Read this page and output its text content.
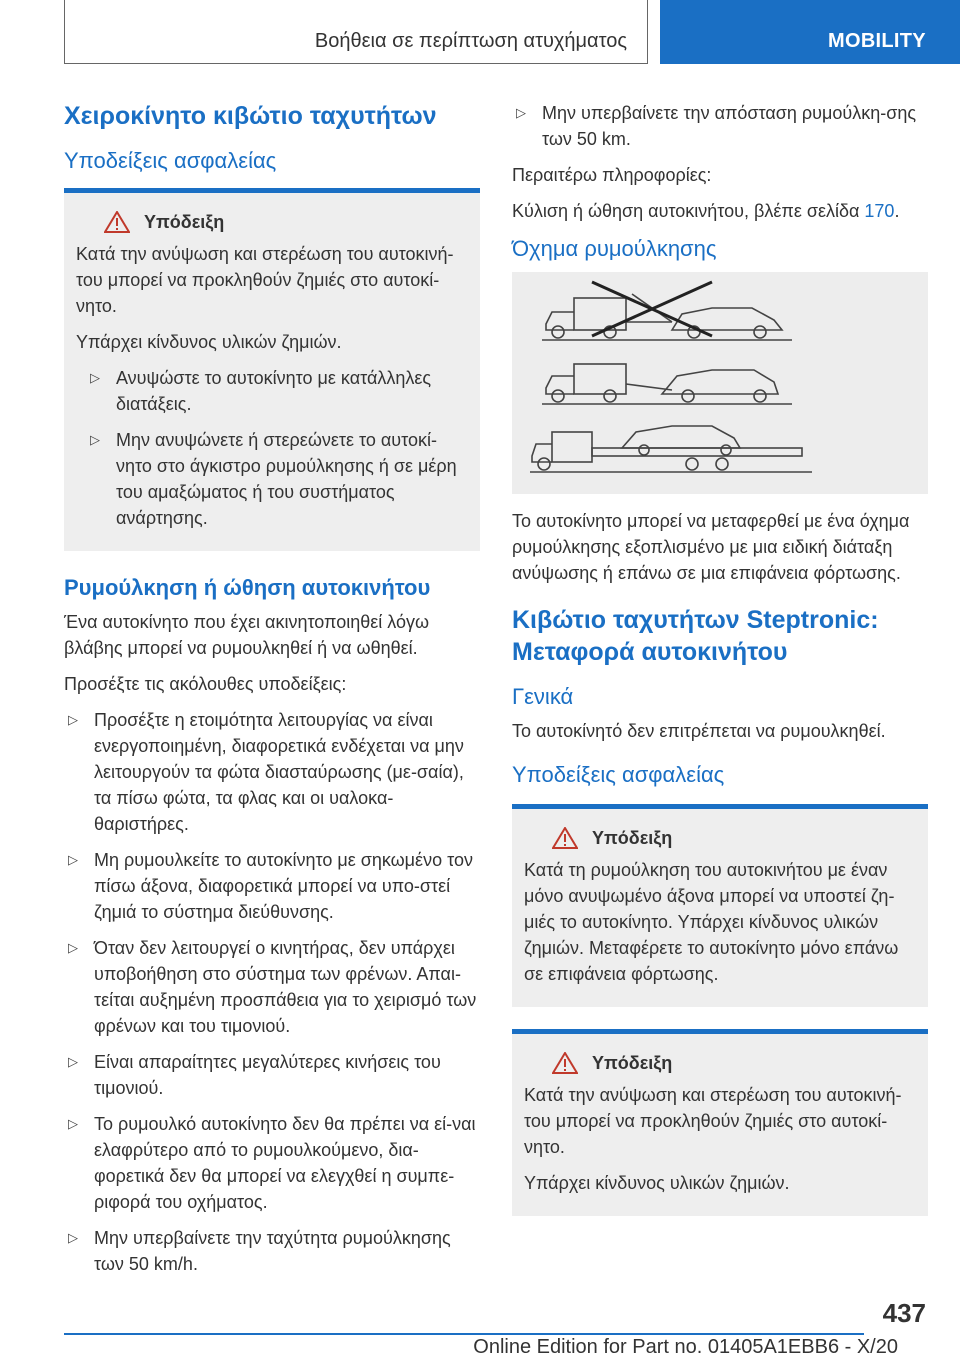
Βοήθεια σε περίπτωση ατυχήματος	MOBILITY
Χειροκίνητο κιβώτιο ταχυτήτων
Υποδείξεις ασφαλείας
Υπόδειξη

Κατά την ανύψωση και στερέωση του αυτοκινή-του μπορεί να προκληθούν ζημιές στο αυτοκί-νητο.

Υπάρχει κίνδυνος υλικών ζημιών.

▷ Ανυψώστε το αυτοκίνητο με κατάλληλες διατάξεις.
▷ Μην ανυψώνετε ή στερεώνετε το αυτοκί-νητο στο άγκιστρο ρυμούλκησης ή σε μέρη του αμαξώματος ή του συστήματος ανάρτησης.
Ρυμούλκηση ή ώθηση αυτοκινήτου

Ένα αυτοκίνητο που έχει ακινητοποιηθεί λόγω βλάβης μπορεί να ρυμουλκηθεί ή να ωθηθεί.

Προσέξτε τις ακόλουθες υποδείξεις:

▷ Προσέξτε η ετοιμότητα λειτουργίας να είναι ενεργοποιημένη, διαφορετικά ενδέχεται να μην λειτουργούν τα φώτα διασταύρωσης (με-σαία), τα πίσω φώτα, τα φλας και οι υαλοκα-θαριστήρες.
▷ Μη ρυμουλκείτε το αυτοκίνητο με σηκωμένο τον πίσω άξονα, διαφορετικά μπορεί να υπο-στεί ζημιά το σύστημα διεύθυνσης.
▷ Όταν δεν λειτουργεί ο κινητήρας, δεν υπάρχει υποβοήθηση στο σύστημα των φρένων. Απαι-τείται αυξημένη προσπάθεια για το χειρισμό των φρένων και του τιμονιού.
▷ Είναι απαραίτητες μεγαλύτερες κινήσεις του τιμονιού.
▷ Το ρυμουλκό αυτοκίνητο δεν θα πρέπει να εί-ναι ελαφρύτερο από το ρυμουλκούμενο, δια-φορετικά δεν θα μπορεί να ελεγχθεί η συμπε-ριφορά του οχήματος.
▷ Μην υπερβαίνετε την ταχύτητα ρυμούλκησης των 50 km/h.
▷ Μην υπερβαίνετε την απόσταση ρυμούλκη-σης των 50 km.

Περαιτέρω πληροφορίες:

Κύλιση ή ώθηση αυτοκινήτου, βλέπε σελίδα 170.

Όχημα ρυμούλκησης

Το αυτοκίνητο μπορεί να μεταφερθεί με ένα όχημα ρυμούλκησης εξοπλισμένο με μια ειδική διάταξη ανύψωσης ή επάνω σε μια επιφάνεια φόρτωσης.

Κιβώτιο ταχυτήτων Steptronic: Μεταφορά αυτοκινήτου
Γενικά

Το αυτοκίνητό δεν επιτρέπεται να ρυμουλκηθεί.

Υποδείξεις ασφαλείας
Υπόδειξη

Κατά τη ρυμούλκηση του αυτοκινήτου με έναν μόνο ανυψωμένο άξονα μπορεί να υποστεί ζη-μιές το αυτοκίνητο. Υπάρχει κίνδυνος υλικών ζημιών. Μεταφέρετε το αυτοκίνητο μόνο επάνω σε επιφάνεια φόρτωσης.

Υπόδειξη

Κατά την ανύψωση και στερέωση του αυτοκινή-του μπορεί να προκληθούν ζημιές στο αυτοκί-νητο.

Υπάρχει κίνδυνος υλικών ζημιών.

437
Online Edition for Part no. 01405A1EBB6 - X/20
